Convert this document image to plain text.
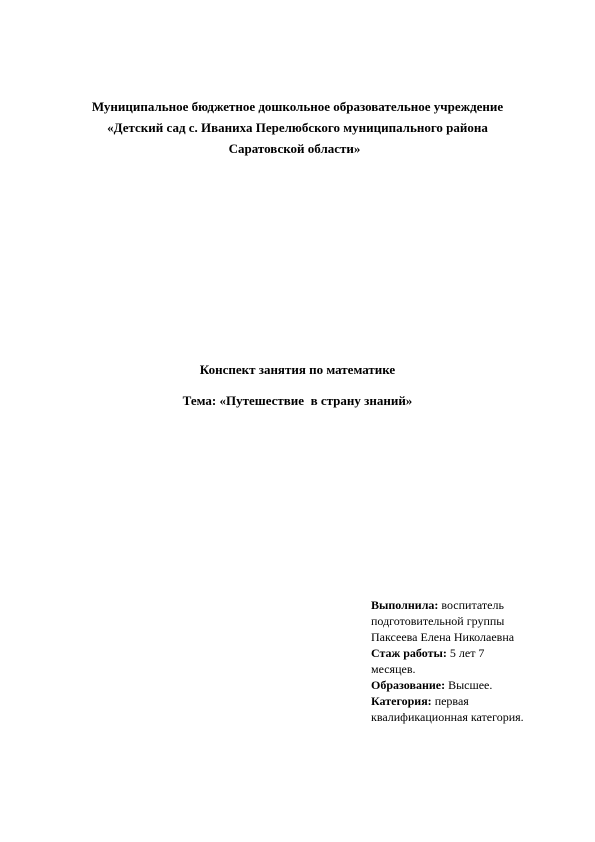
Муниципальное бюджетное дошкольное образовательное учреждение
«Детский сад с. Иваниха Перелюбского муниципального района

Саратовской области»
Конспект занятия по математике
Тема: «Путешествие  в страну знаний»
Выполнила: воспитатель
подготовительной группы
Паксеева Елена Николаевна
Стаж работы: 5 лет 7
месяцев.
Образование: Высшее.
Категория: первая
квалификационная категория.
